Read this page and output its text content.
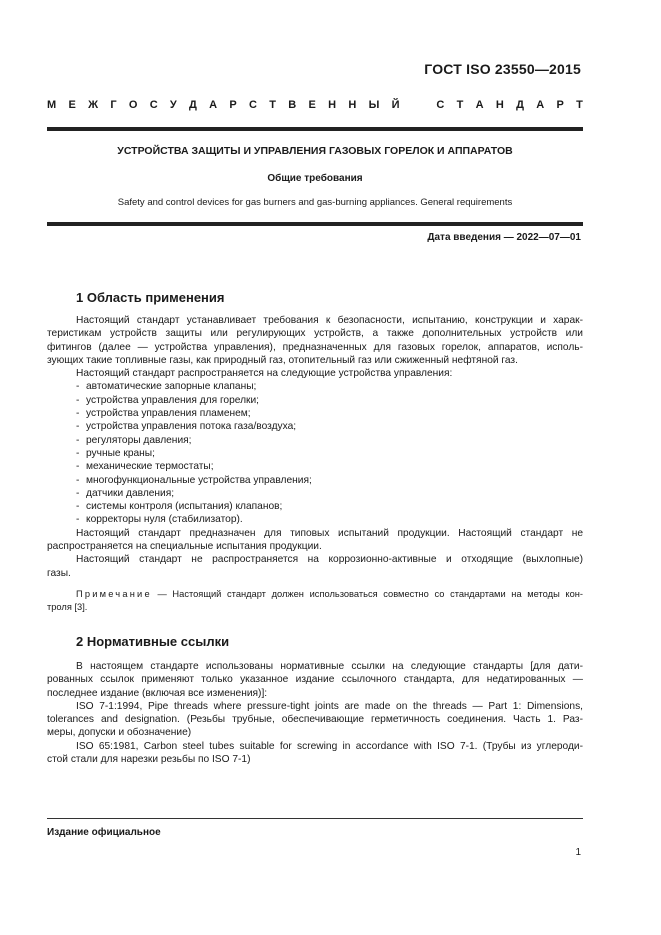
ГОСТ ISO 23550—2015
М Е Ж Г О С У Д А Р С Т В Е Н Н Ы Й	С Т А Н Д А Р Т
УСТРОЙСТВА ЗАЩИТЫ И УПРАВЛЕНИЯ ГАЗОВЫХ ГОРЕЛОК И АППАРАТОВ
Общие требования
Safety and control devices for gas burners and gas-burning appliances. General requirements
Дата введения — 2022—07—01
1 Область применения
Настоящий стандарт устанавливает требования к безопасности, испытанию, конструкции и харак-
теристикам устройств защиты или регулирующих устройств, а также дополнительных устройств или
фитингов (далее — устройства управления), предназначенных для газовых горелок, аппаратов, исполь-
зующих такие топливные газы, как природный газ, отопительный газ или сжиженный нефтяной газ.
Настоящий стандарт распространяется на следующие устройства управления:
- автоматические запорные клапаны;
- устройства управления для горелки;
- устройства управления пламенем;
- устройства управления потока газа/воздуха;
- регуляторы давления;
- ручные краны;
- механические термостаты;
- многофункциональные устройства управления;
- датчики давления;
- системы контроля (испытания) клапанов;
- корректоры нуля (стабилизатор).
Настоящий стандарт предназначен для типовых испытаний продукции. Настоящий стандарт не
распространяется на специальные испытания продукции.
Настоящий стандарт не распространяется на коррозионно-активные и отходящие (выхлопные)
газы.
Примечание — Настоящий стандарт должен использоваться совместно со стандартами на методы кон-
троля [3].
2 Нормативные ссылки
В настоящем стандарте использованы нормативные ссылки на следующие стандарты [для дати-
рованных ссылок применяют только указанное издание ссылочного стандарта, для недатированных —
последнее издание (включая все изменения)]:
ISO 7-1:1994, Pipe threads where pressure-tight joints are made on the threads — Part 1: Dimensions,
tolerances and designation. (Резьбы трубные, обеспечивающие герметичность соединения. Часть 1. Раз-
меры, допуски и обозначение)
ISO 65:1981, Carbon steel tubes suitable for screwing in accordance with ISO 7-1. (Трубы из углероди-
стой стали для нарезки резьбы по ISO 7-1)
Издание официальное
1
